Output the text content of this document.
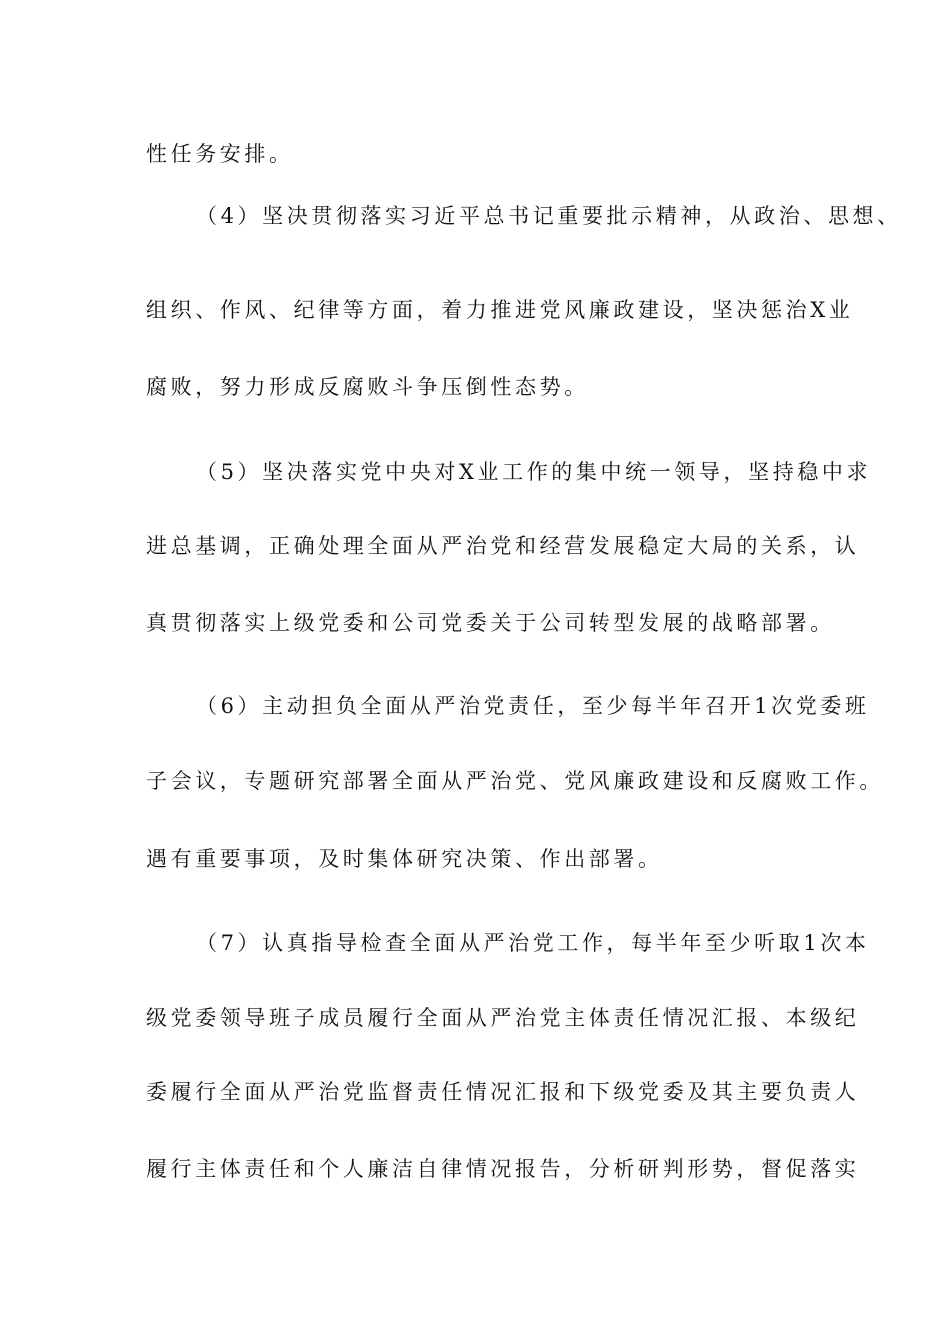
性任务安排。
（4）坚决贯彻落实习近平总书记重要批示精神，从政治、思想、
组织、作风、纪律等方面，着力推进党风廉政建设，坚决惩治X业
腐败，努力形成反腐败斗争压倒性态势。
（5）坚决落实党中央对X业工作的集中统一领导，坚持稳中求
进总基调，正确处理全面从严治党和经营发展稳定大局的关系，认
真贯彻落实上级党委和公司党委关于公司转型发展的战略部署。
（6）主动担负全面从严治党责任，至少每半年召开1次党委班
子会议，专题研究部署全面从严治党、党风廉政建设和反腐败工作。
遇有重要事项，及时集体研究决策、作出部署。
（7）认真指导检查全面从严治党工作，每半年至少听取1次本
级党委领导班子成员履行全面从严治党主体责任情况汇报、本级纪
委履行全面从严治党监督责任情况汇报和下级党委及其主要负责人
履行主体责任和个人廉洁自律情况报告，分析研判形势，督促落实
